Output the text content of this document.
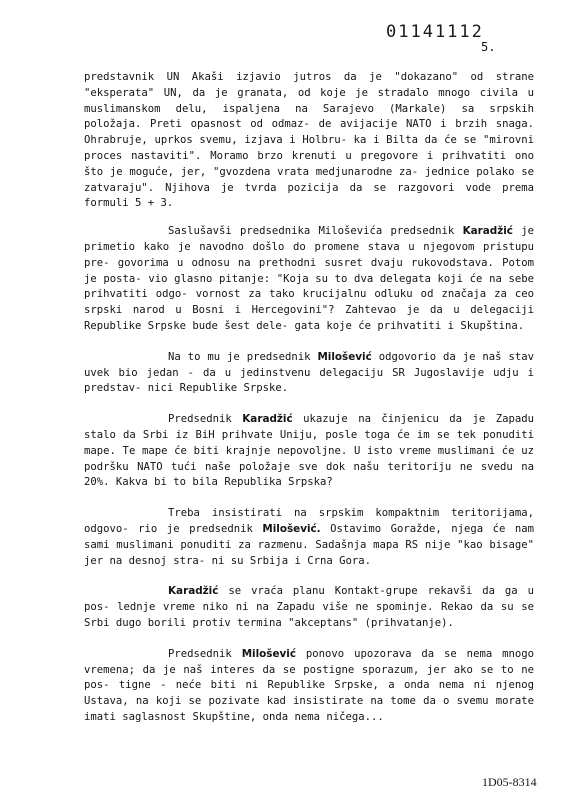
01141112
5.

predstavnik UN Akaši izjavio jutros da je "dokazano" od strane "eksperata" UN, da je granata, od koje je stradalo mnogo civila u muslimanskom delu, ispaljena na Sarajevo (Markale) sa srpskih položaja. Preti opasnost od odmaz- de avijacije NATO i brzih snaga. Ohrabruje, uprkos svemu, izjava i Holbru- ka i Bilta da će se "mirovni proces nastaviti". Moramo brzo krenuti u pregovore i prihvatiti ono što je moguće, jer, "gvozdena vrata medjunarodne za- jednice polako se zatvaraju". Njihova je tvrda pozicija da se razgovori vode prema formuli 5 + 3.

Saslušavši predsednika Miloševića predsednik Karadžić je primetio kako je navodno došlo do promene stava u njegovom pristupu pre- govorima u odnosu na prethodni susret dvaju rukovodstava. Potom je posta- vio glasno pitanje: "Koja su to dva delegata koji će na sebe prihvatiti odgo- vornost za tako krucijalnu odluku od značaja za ceo srpski narod u Bosni i Hercegovini"? Zahtevao je da u delegaciji Republike Srpske bude šest dele- gata koje će prihvatiti i Skupština.

Na to mu je predsednik Milošević odgovorio da je naš stav uvek bio jedan - da u jedinstvenu delegaciju SR Jugoslavije udju i predstav- nici Republike Srpske.

Predsednik Karadžić ukazuje na činjenicu da je Zapadu stalo da Srbi iz BiH prihvate Uniju, posle toga će im se tek ponuditi mape. Te mape će biti krajnje nepovoljne. U isto vreme muslimani će uz podršku NATO tući naše položaje sve dok našu teritoriju ne svedu na 20%. Kakva bi to bila Republika Srpska?

Treba insistirati na srpskim kompaktnim teritorijama, odgovo- rio je predsednik Milošević. Ostavimo Goražde, njega će nam sami muslimani ponuditi za razmenu. Sadašnja mapa RS nije "kao bisage" jer na desnoj stra- ni su Srbija i Crna Gora.

Karadžić se vraća planu Kontakt-grupe rekavši da ga u pos- lednje vreme niko ni na Zapadu više ne spominje. Rekao da su se Srbi dugo borili protiv termina "akceptans" (prihvatanje).

Predsednik Milošević ponovo upozorava da se nema mnogo vremena; da je naš interes da se postigne sporazum, jer ako se to ne pos- tigne - neće biti ni Republike Srpske, a onda nema ni njenog Ustava, na koji se pozivate kad insistirate na tome da o svemu morate imati saglasnost Skupštine, onda nema ničega...

1D05-8314
